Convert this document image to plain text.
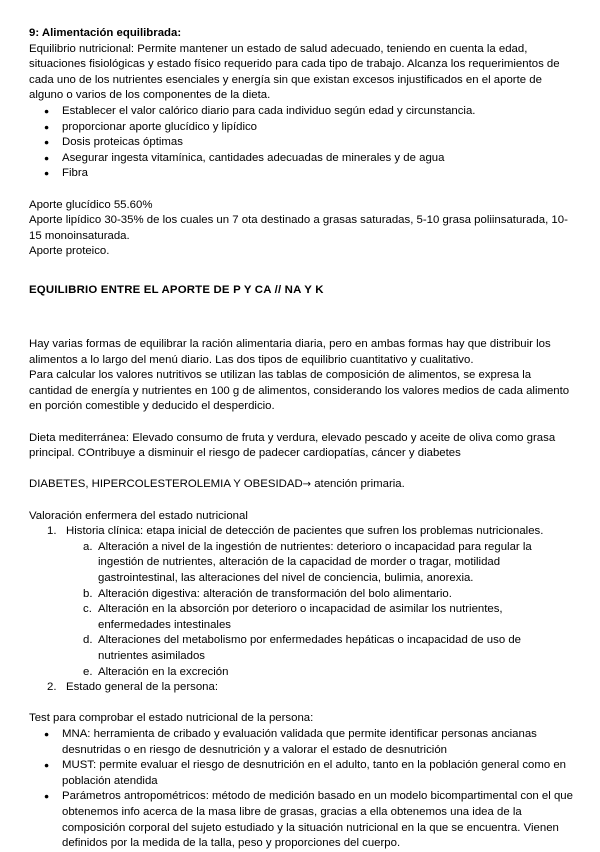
9: Alimentación equilibrada:

Equilibrio nutricional: Permite mantener un estado de salud adecuado, teniendo en cuenta la edad, situaciones fisiológicas y estado físico requerido para cada tipo de trabajo. Alcanza los requerimientos de cada uno de los nutrientes esenciales y energía sin que existan excesos injustificados en el aporte de alguno o varios de los componentes de la dieta.

● Establecer el valor calórico diario para cada individuo según edad y circunstancia.
● proporcionar aporte glucídico y lipídico
● Dosis proteicas óptimas
● Asegurar ingesta vitamínica, cantidades adecuadas de minerales y de agua
● Fibra

Aporte glucídico 55.60%

Aporte lipídico 30-35% de los cuales un 7 ota destinado a grasas saturadas, 5-10 grasa poliinsaturada, 10-15 monoinsaturada.

Aporte proteico.

EQUILIBRIO ENTRE EL APORTE DE P Y CA // NA Y K

Hay varias formas de equilibrar la ración alimentaria diaria, pero en ambas formas hay que distribuir los alimentos a lo largo del menú diario. Las dos tipos de equilibrio cuantitativo y cualitativo.

Para calcular los valores nutritivos se utilizan las tablas de composición de alimentos, se expresa la cantidad de energía y nutrientes en 100 g de alimentos, considerando los valores medios de cada alimento en porción comestible y deducido el desperdicio.

Dieta mediterránea: Elevado consumo de fruta y verdura, elevado pescado y aceite de oliva como grasa principal. COntribuye a disminuir el riesgo de padecer cardiopatías, cáncer y diabetes

DIABETES, HIPERCOLESTEROLEMIA Y OBESIDAD→ atención primaria.

Valoración enfermera del estado nutricional

1. Historia clínica: etapa inicial de detección de pacientes que sufren los problemas nutricionales.
a. Alteración a nivel de la ingestión de nutrientes: deterioro o incapacidad para regular la ingestión de nutrientes, alteración de la capacidad de morder o tragar, motilidad gastrointestinal, las alteraciones del nivel de conciencia, bulimia, anorexia.
b. Alteración digestiva: alteración de transformación del bolo alimentario.
c. Alteración en la absorción por deterioro o incapacidad de asimilar los nutrientes, enfermedades intestinales
d. Alteraciones del metabolismo por enfermedades hepáticas o incapacidad de uso de nutrientes asimilados
e. Alteración en la excreción
2. Estado general de la persona:

Test para comprobar el estado nutricional de la persona:

● MNA: herramienta de cribado y evaluación validada que permite identificar personas ancianas desnutridas o en riesgo de desnutrición y a valorar el estado de desnutrición
● MUST: permite evaluar el riesgo de desnutrición en el adulto, tanto en la población general como en población atendida
● Parámetros antropométricos: método de medición basado en un modelo bicompartimental con el que obtenemos info acerca de la masa libre de grasas, gracias a ella obtenemos una idea de la composición corporal del sujeto estudiado y la situación nutricional en la que se encuentra. Vienen definidos por la medida de la talla, peso y proporciones del cuerpo.
